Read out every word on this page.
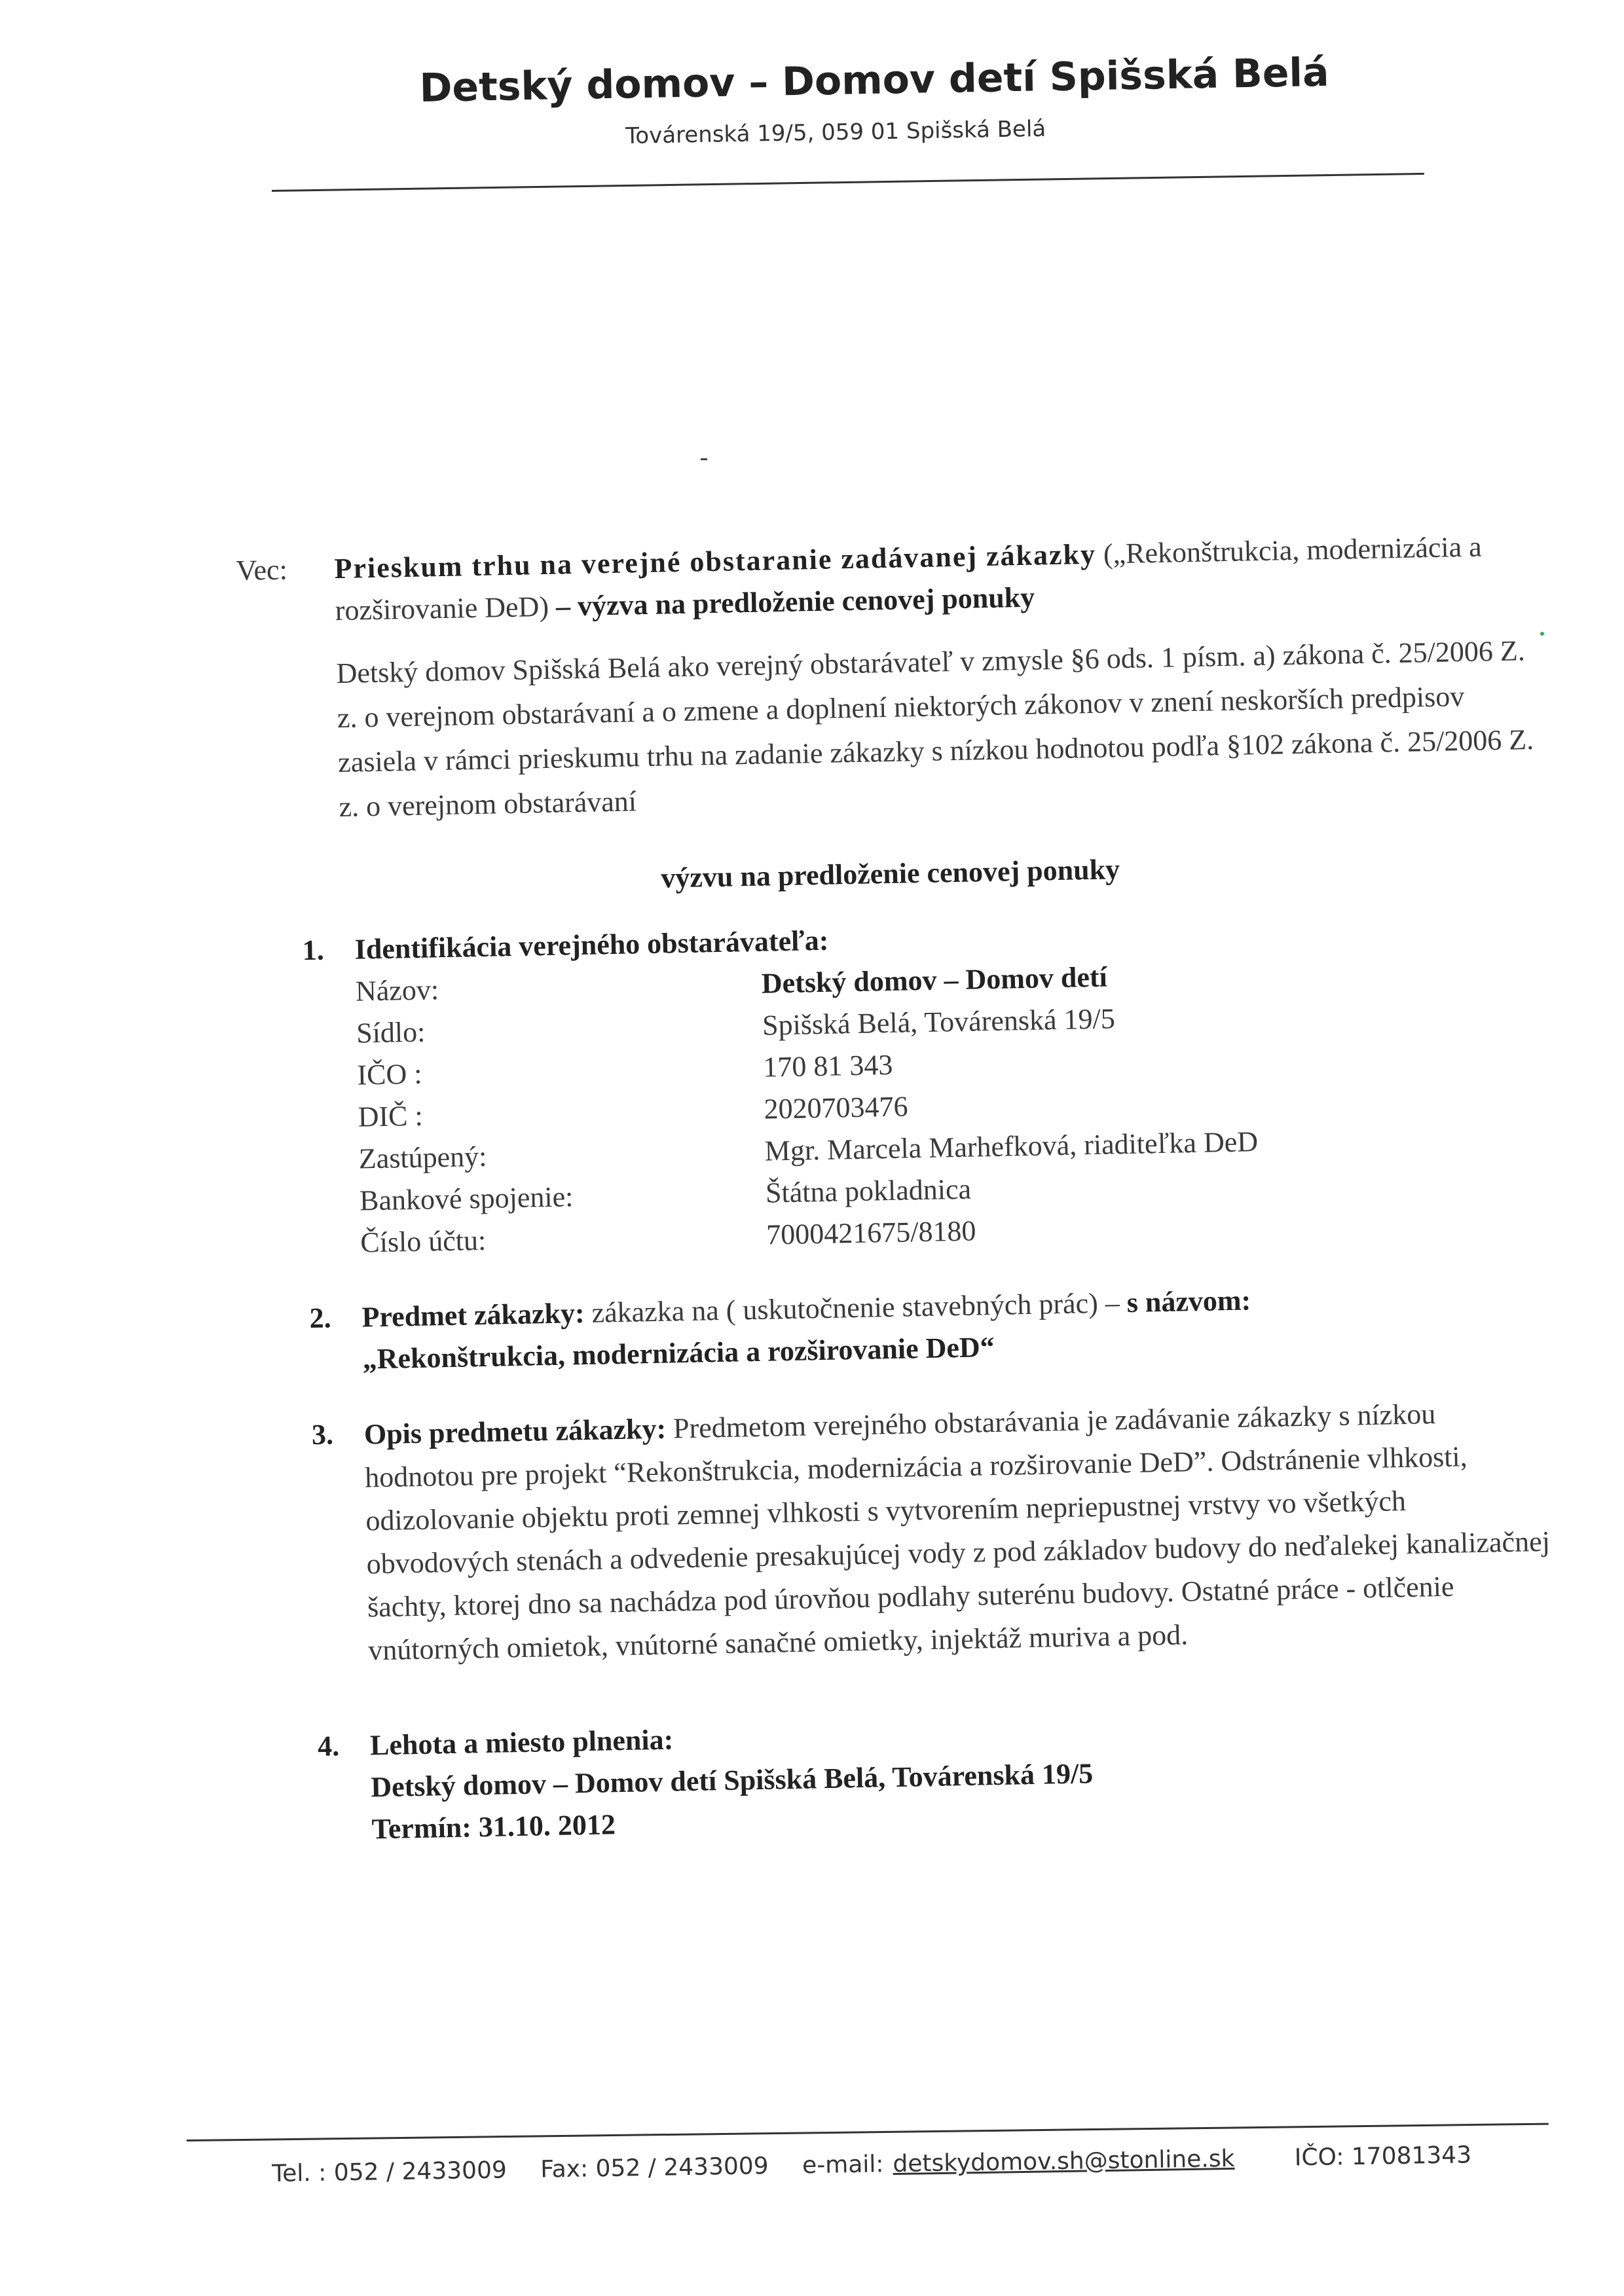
Detský domov – Domov detí Spišská Belá
Továrenská 19/5, 059 01 Spišská Belá
Vec: Prieskum trhu na verejné obstaranie zadávanej zákazky („Rekonštrukcia, modernizácia a rozširovanie DeD) – výzva na predloženie cenovej ponuky
Detský domov Spišská Belá ako verejný obstarávateľ v zmysle §6 ods. 1 písm. a) zákona č. 25/2006 Z. z. o verejnom obstarávaní a o zmene a doplnení niektorých zákonov v znení neskorších predpisov zasiela v rámci prieskumu trhu na zadanie zákazky s nízkou hodnotou podľa §102 zákona č. 25/2006 Z. z. o verejnom obstarávaní
výzvu na predloženie cenovej ponuky
1. Identifikácia verejného obstarávateľa:
Názov:	Detský domov – Domov detí
Sídlo:	Spišská Belá, Továrenská 19/5
IČO :	170 81 343
DIČ :	2020703476
Zastúpený:	Mgr. Marcela Marhefková, riaditeľka DeD
Bankové spojenie:	Štátna pokladnica
Číslo účtu:	7000421675/8180
2. Predmet zákazky: zákazka na ( uskutočnenie stavebných prác) – s názvom:
„Rekonštrukcia, modernizácia a rozširovanie DeD“
3. Opis predmetu zákazky: Predmetom verejného obstarávania je zadávanie zákazky s nízkou hodnotou pre projekt “Rekonštrukcia, modernizácia a rozširovanie DeD”. Odstránenie vlhkosti, odizolovanie objektu proti zemnej vlhkosti s vytvorením nepriepustnej vrstvy vo všetkých obvodových stenách a odvedenie presakujúcej vody z pod základov budovy do neďalekej kanalizačnej šachty, ktorej dno sa nachádza pod úrovňou podlahy suterénu budovy. Ostatné práce - otlčenie vnútorných omietok, vnútorné sanačné omietky, injektáž muriva a pod.
4. Lehota a miesto plnenia:
Detský domov – Domov detí Spišská Belá, Továrenská 19/5
Termín: 31.10. 2012
Tel. : 052 / 2433009 Fax: 052 / 2433009 e-mail: detskydomov.sh@stonline.sk	IČO: 17081343
